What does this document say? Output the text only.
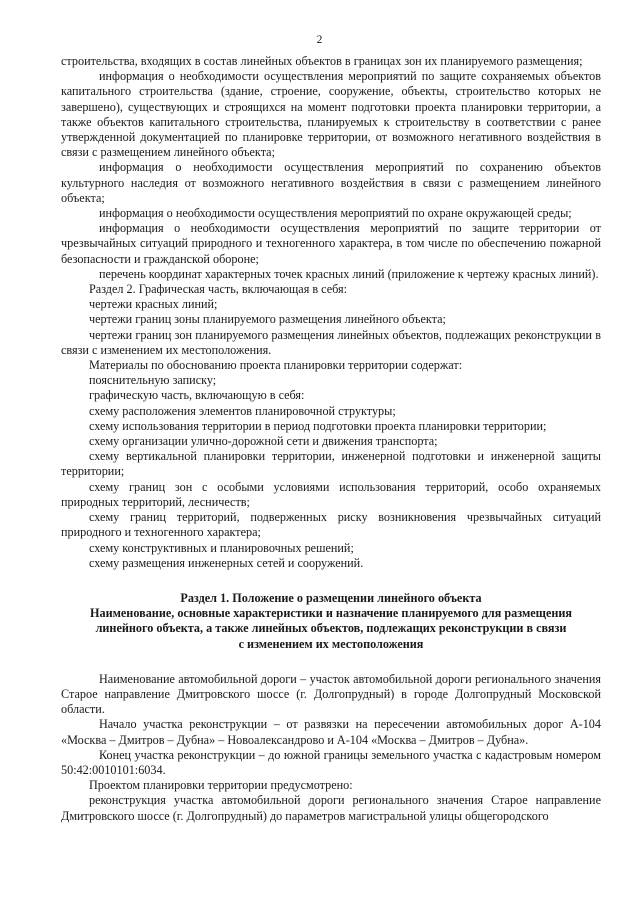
2

строительства, входящих в состав линейных объектов в границах зон их планируемого размещения;

информация о необходимости осуществления мероприятий по защите сохраняемых объектов капитального строительства (здание, строение, сооружение, объекты, строительство которых не завершено), существующих и строящихся на момент подготовки проекта планировки территории, а также объектов капитального строительства, планируемых к строительству в соответствии с ранее утвержденной документацией по планировке территории, от возможного негативного воздействия в связи с размещением линейного объекта;

информация о необходимости осуществления мероприятий по сохранению объектов культурного наследия от возможного негативного воздействия в связи с размещением линейного объекта;

информация о необходимости осуществления мероприятий по охране окружающей среды;

информация о необходимости осуществления мероприятий по защите территории от чрезвычайных ситуаций природного и техногенного характера, в том числе по обеспечению пожарной безопасности и гражданской обороне;

перечень координат характерных точек красных линий (приложение к чертежу красных линий).

Раздел 2. Графическая часть, включающая в себя:

чертежи красных линий;

чертежи границ зоны планируемого размещения линейного объекта;

чертежи границ зон планируемого размещения линейных объектов, подлежащих реконструкции в связи с изменением их местоположения.

Материалы по обоснованию проекта планировки территории содержат:

пояснительную записку;

графическую часть, включающую в себя:

схему расположения элементов планировочной структуры;

схему использования территории в период подготовки проекта планировки территории;

схему организации улично-дорожной сети и движения транспорта;

схему вертикальной планировки территории, инженерной подготовки и инженерной защиты территории;

схему границ зон с особыми условиями использования территорий, особо охраняемых природных территорий, лесничеств;

схему границ территорий, подверженных риску возникновения чрезвычайных ситуаций природного и техногенного характера;

схему конструктивных и планировочных решений;

схему размещения инженерных сетей и сооружений.

Раздел 1. Положение о размещении линейного объекта

Наименование, основные характеристики и назначение планируемого для размещения

линейного объекта, а также линейных объектов, подлежащих реконструкции в связи

с изменением их местоположения

Наименование автомобильной дороги – участок автомобильной дороги регионального значения Старое направление Дмитровского шоссе (г. Долгопрудный) в городе Долгопрудный Московской области.

Начало участка реконструкции – от развязки на пересечении автомобильных дорог А-104 «Москва – Дмитров – Дубна» – Новоалександрово и А-104 «Москва – Дмитров – Дубна».

Конец участка реконструкции – до южной границы земельного участка с кадастровым номером 50:42:0010101:6034.

Проектом планировки территории предусмотрено:

реконструкция участка автомобильной дороги регионального значения Старое направление Дмитровского шоссе (г. Долгопрудный) до параметров магистральной улицы общегородского
